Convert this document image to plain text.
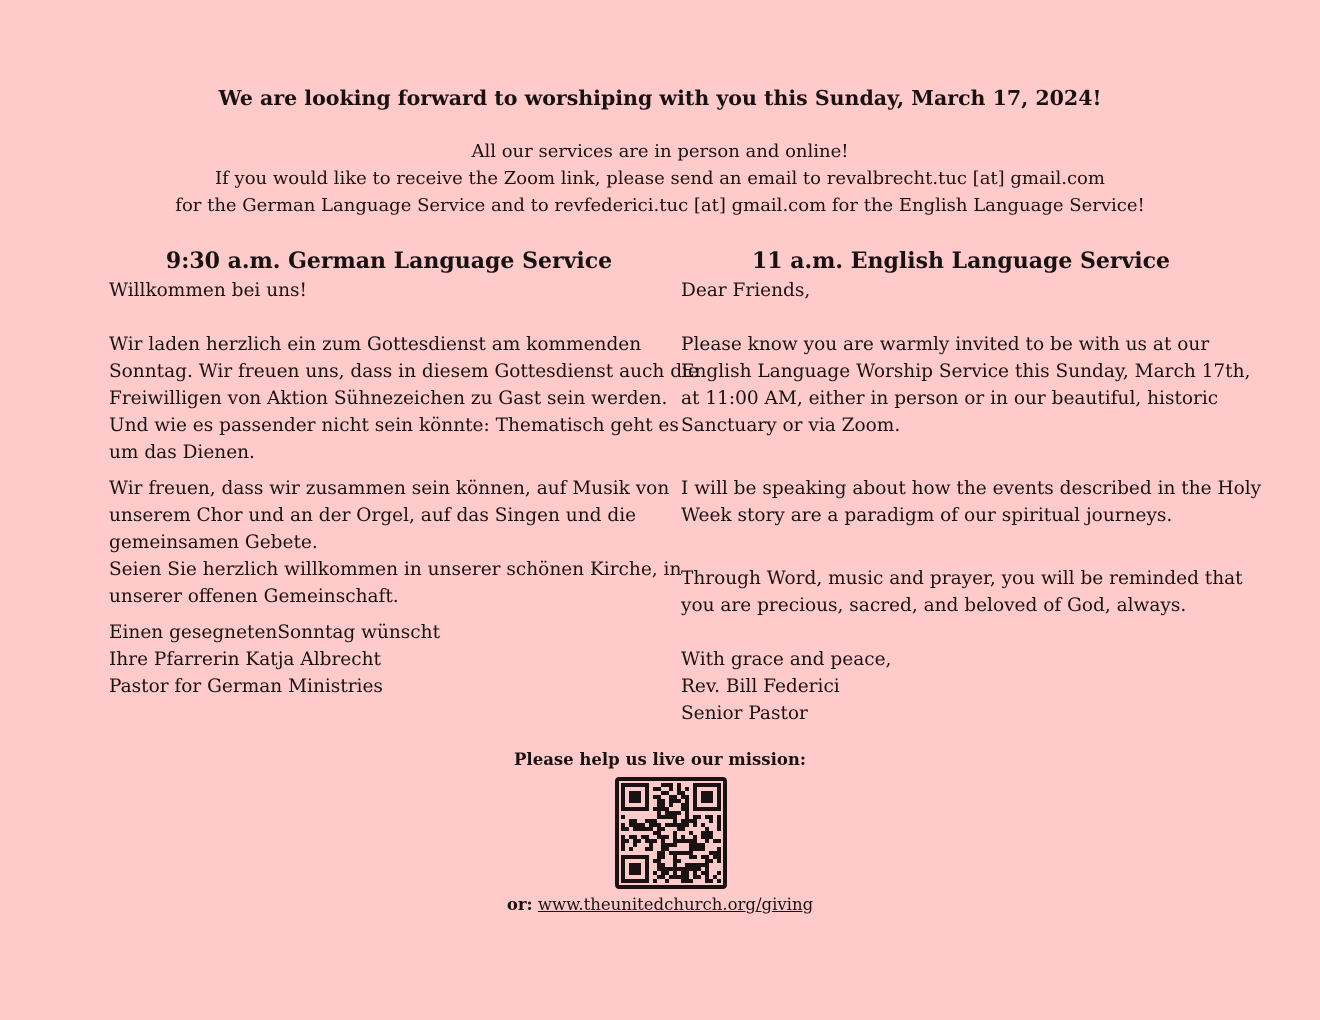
We are looking forward to worshiping with you this Sunday, March 17, 2024!
All our services are in person and online!
If you would like to receive the Zoom link, please send an email to revalbrecht.tuc [at] gmail.com
for the German Language Service and to revfederici.tuc [at] gmail.com for the English Language Service!
9:30 a.m. German Language Service
Willkommen bei uns!
Wir laden herzlich ein zum Gottesdienst am kommenden
Sonntag. Wir freuen uns, dass in diesem Gottesdienst auch die
Freiwilligen von Aktion Sühnezeichen zu Gast sein werden.
Und wie es passender nicht sein könnte: Thematisch geht es
um das Dienen.
Wir freuen, dass wir zusammen sein können, auf Musik von
unserem Chor und an der Orgel, auf das Singen und die
gemeinsamen Gebete.
Seien Sie herzlich willkommen in unserer schönen Kirche, in
unserer offenen Gemeinschaft.
Einen gesegnetenSonntag wünscht
Ihre Pfarrerin Katja Albrecht
Pastor for German Ministries
11 a.m. English Language Service
Dear Friends,
Please know you are warmly invited to be with us at our
English Language Worship Service this Sunday, March 17th,
at 11:00 AM, either in person or in our beautiful, historic
Sanctuary or via Zoom.
I will be speaking about how the events described in the Holy
Week story are a paradigm of our spiritual journeys.
Through Word, music and prayer, you will be reminded that
you are precious, sacred, and beloved of God, always.
With grace and peace,
Rev. Bill Federici
Senior Pastor
Please help us live our mission:
or: www.theunitedchurch.org/giving
